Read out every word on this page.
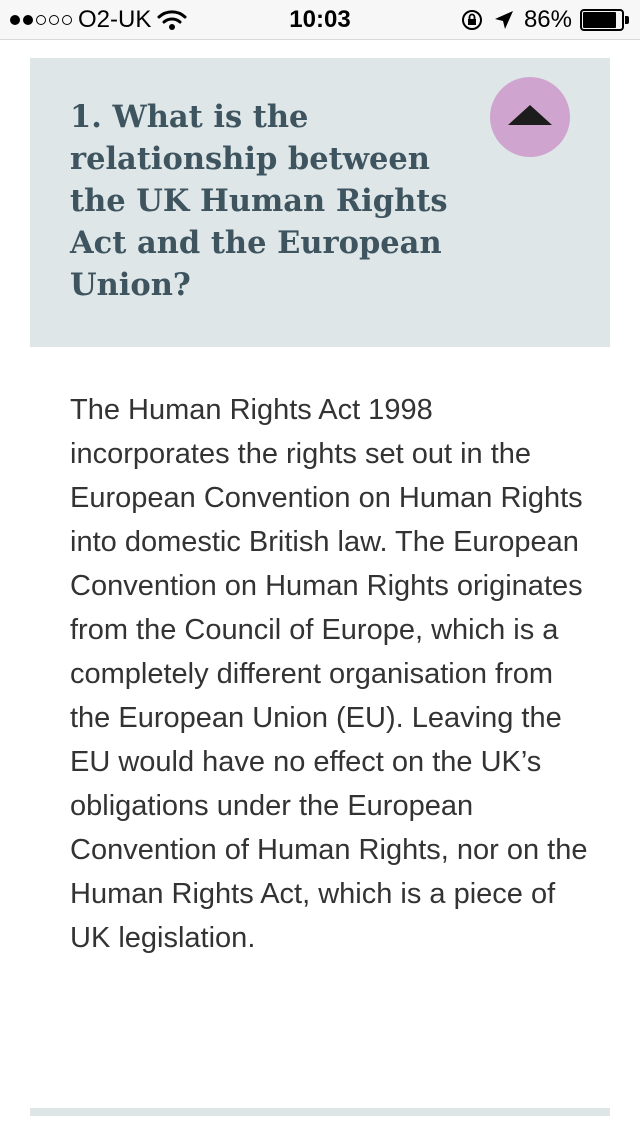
O2-UK	10:03	86%
1. What is the relationship between the UK Human Rights Act and the European Union?

The Human Rights Act 1998 incorporates the rights set out in the European Convention on Human Rights into domestic British law. The European Convention on Human Rights originates from the Council of Europe, which is a completely different organisation from the European Union (EU). Leaving the EU would have no effect on the UK’s obligations under the European Convention of Human Rights, nor on the Human Rights Act, which is a piece of UK legislation.
